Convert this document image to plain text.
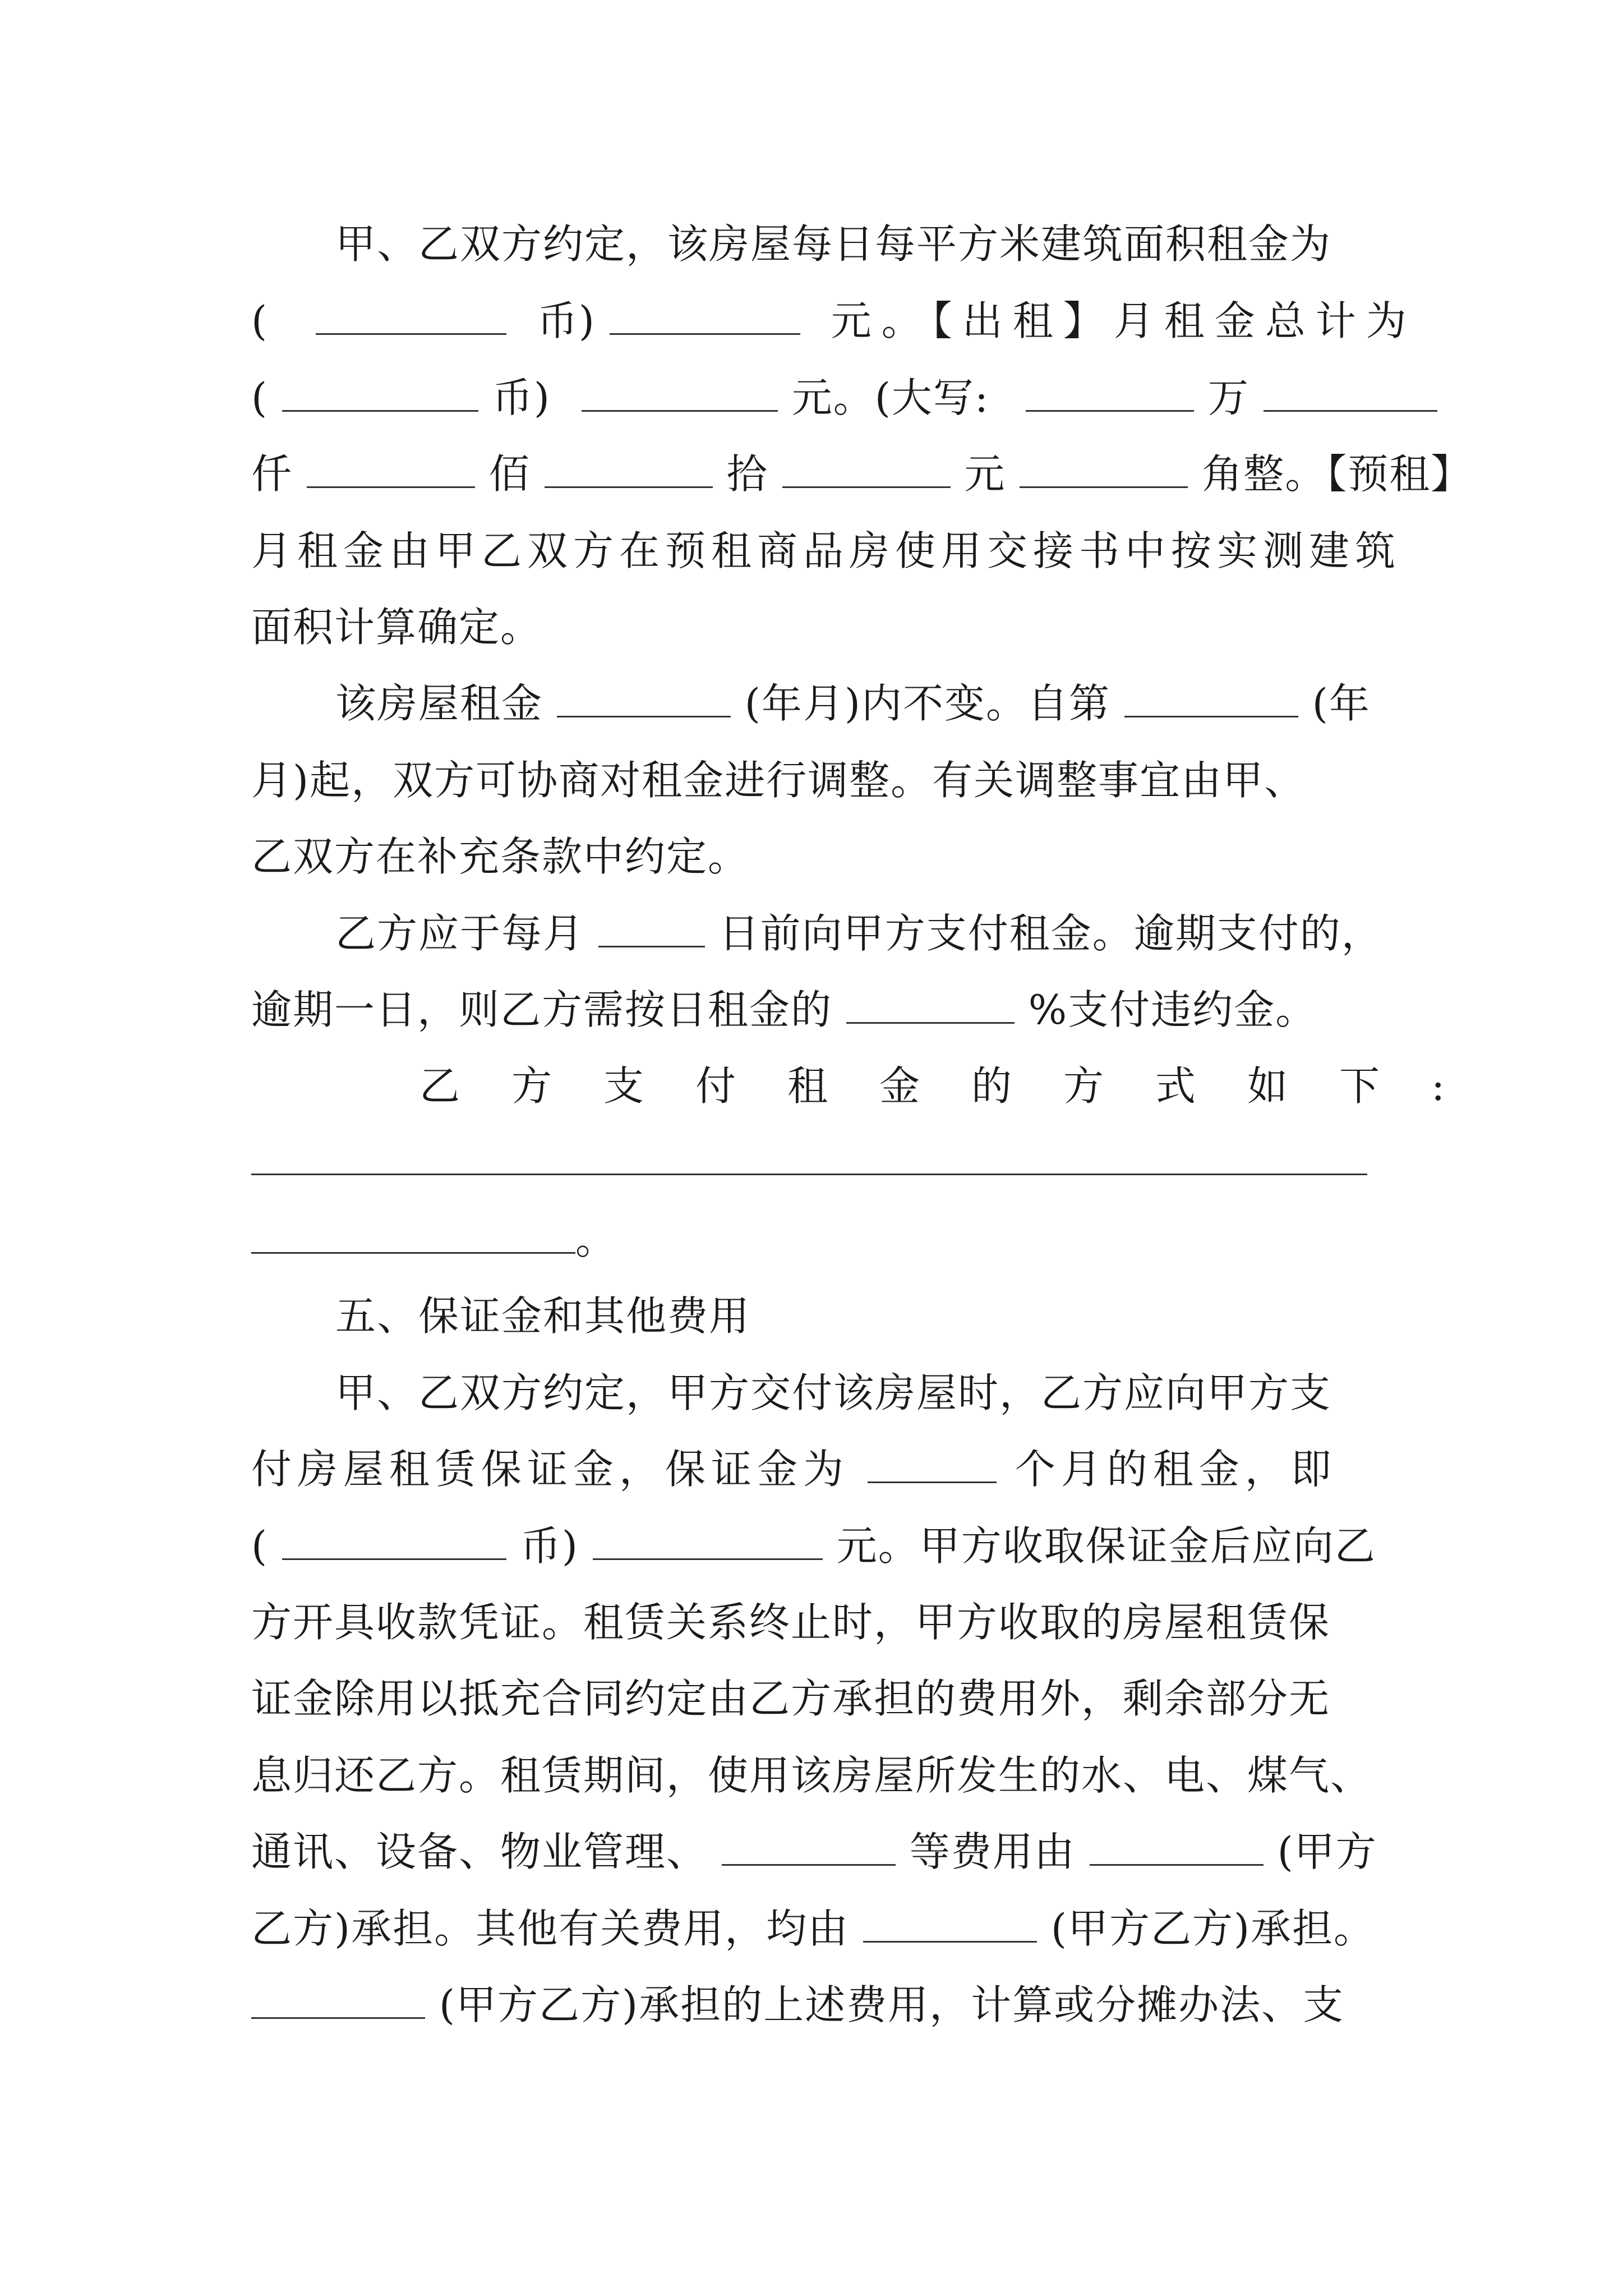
甲、乙双方约定，该房屋每日每平方米建筑面积租金为
(	币)	元。【出租】月租金总计为
(	币)	元。(大写:	万
仟	佰	拾	元	角整。【预租】
月租金由甲乙双方在预租商品房使用交接书中按实测建筑
面积计算确定。
该房屋租金	(年月)内不变。自第	(年
月)起，双方可协商对租金进行调整。有关调整事宜由甲、
乙双方在补充条款中约定。
乙方应于每月	日前向甲方支付租金。逾期支付的，
逾期一日，则乙方需按日租金的	%支付违约金。
乙方支付租金的方式如下:
。
五、保证金和其他费用
甲、乙双方约定，甲方交付该房屋时，乙方应向甲方支
付房屋租赁保证金，保证金为	个月的租金，即
(	币)	元。甲方收取保证金后应向乙
方开具收款凭证。租赁关系终止时，甲方收取的房屋租赁保
证金除用以抵充合同约定由乙方承担的费用外，剩余部分无
息归还乙方。租赁期间，使用该房屋所发生的水、电、煤气、
通讯、设备、物业管理、	等费用由	(甲方
乙方)承担。其他有关费用，均由	(甲方乙方)承担。
(甲方乙方)承担的上述费用，计算或分摊办法、支
